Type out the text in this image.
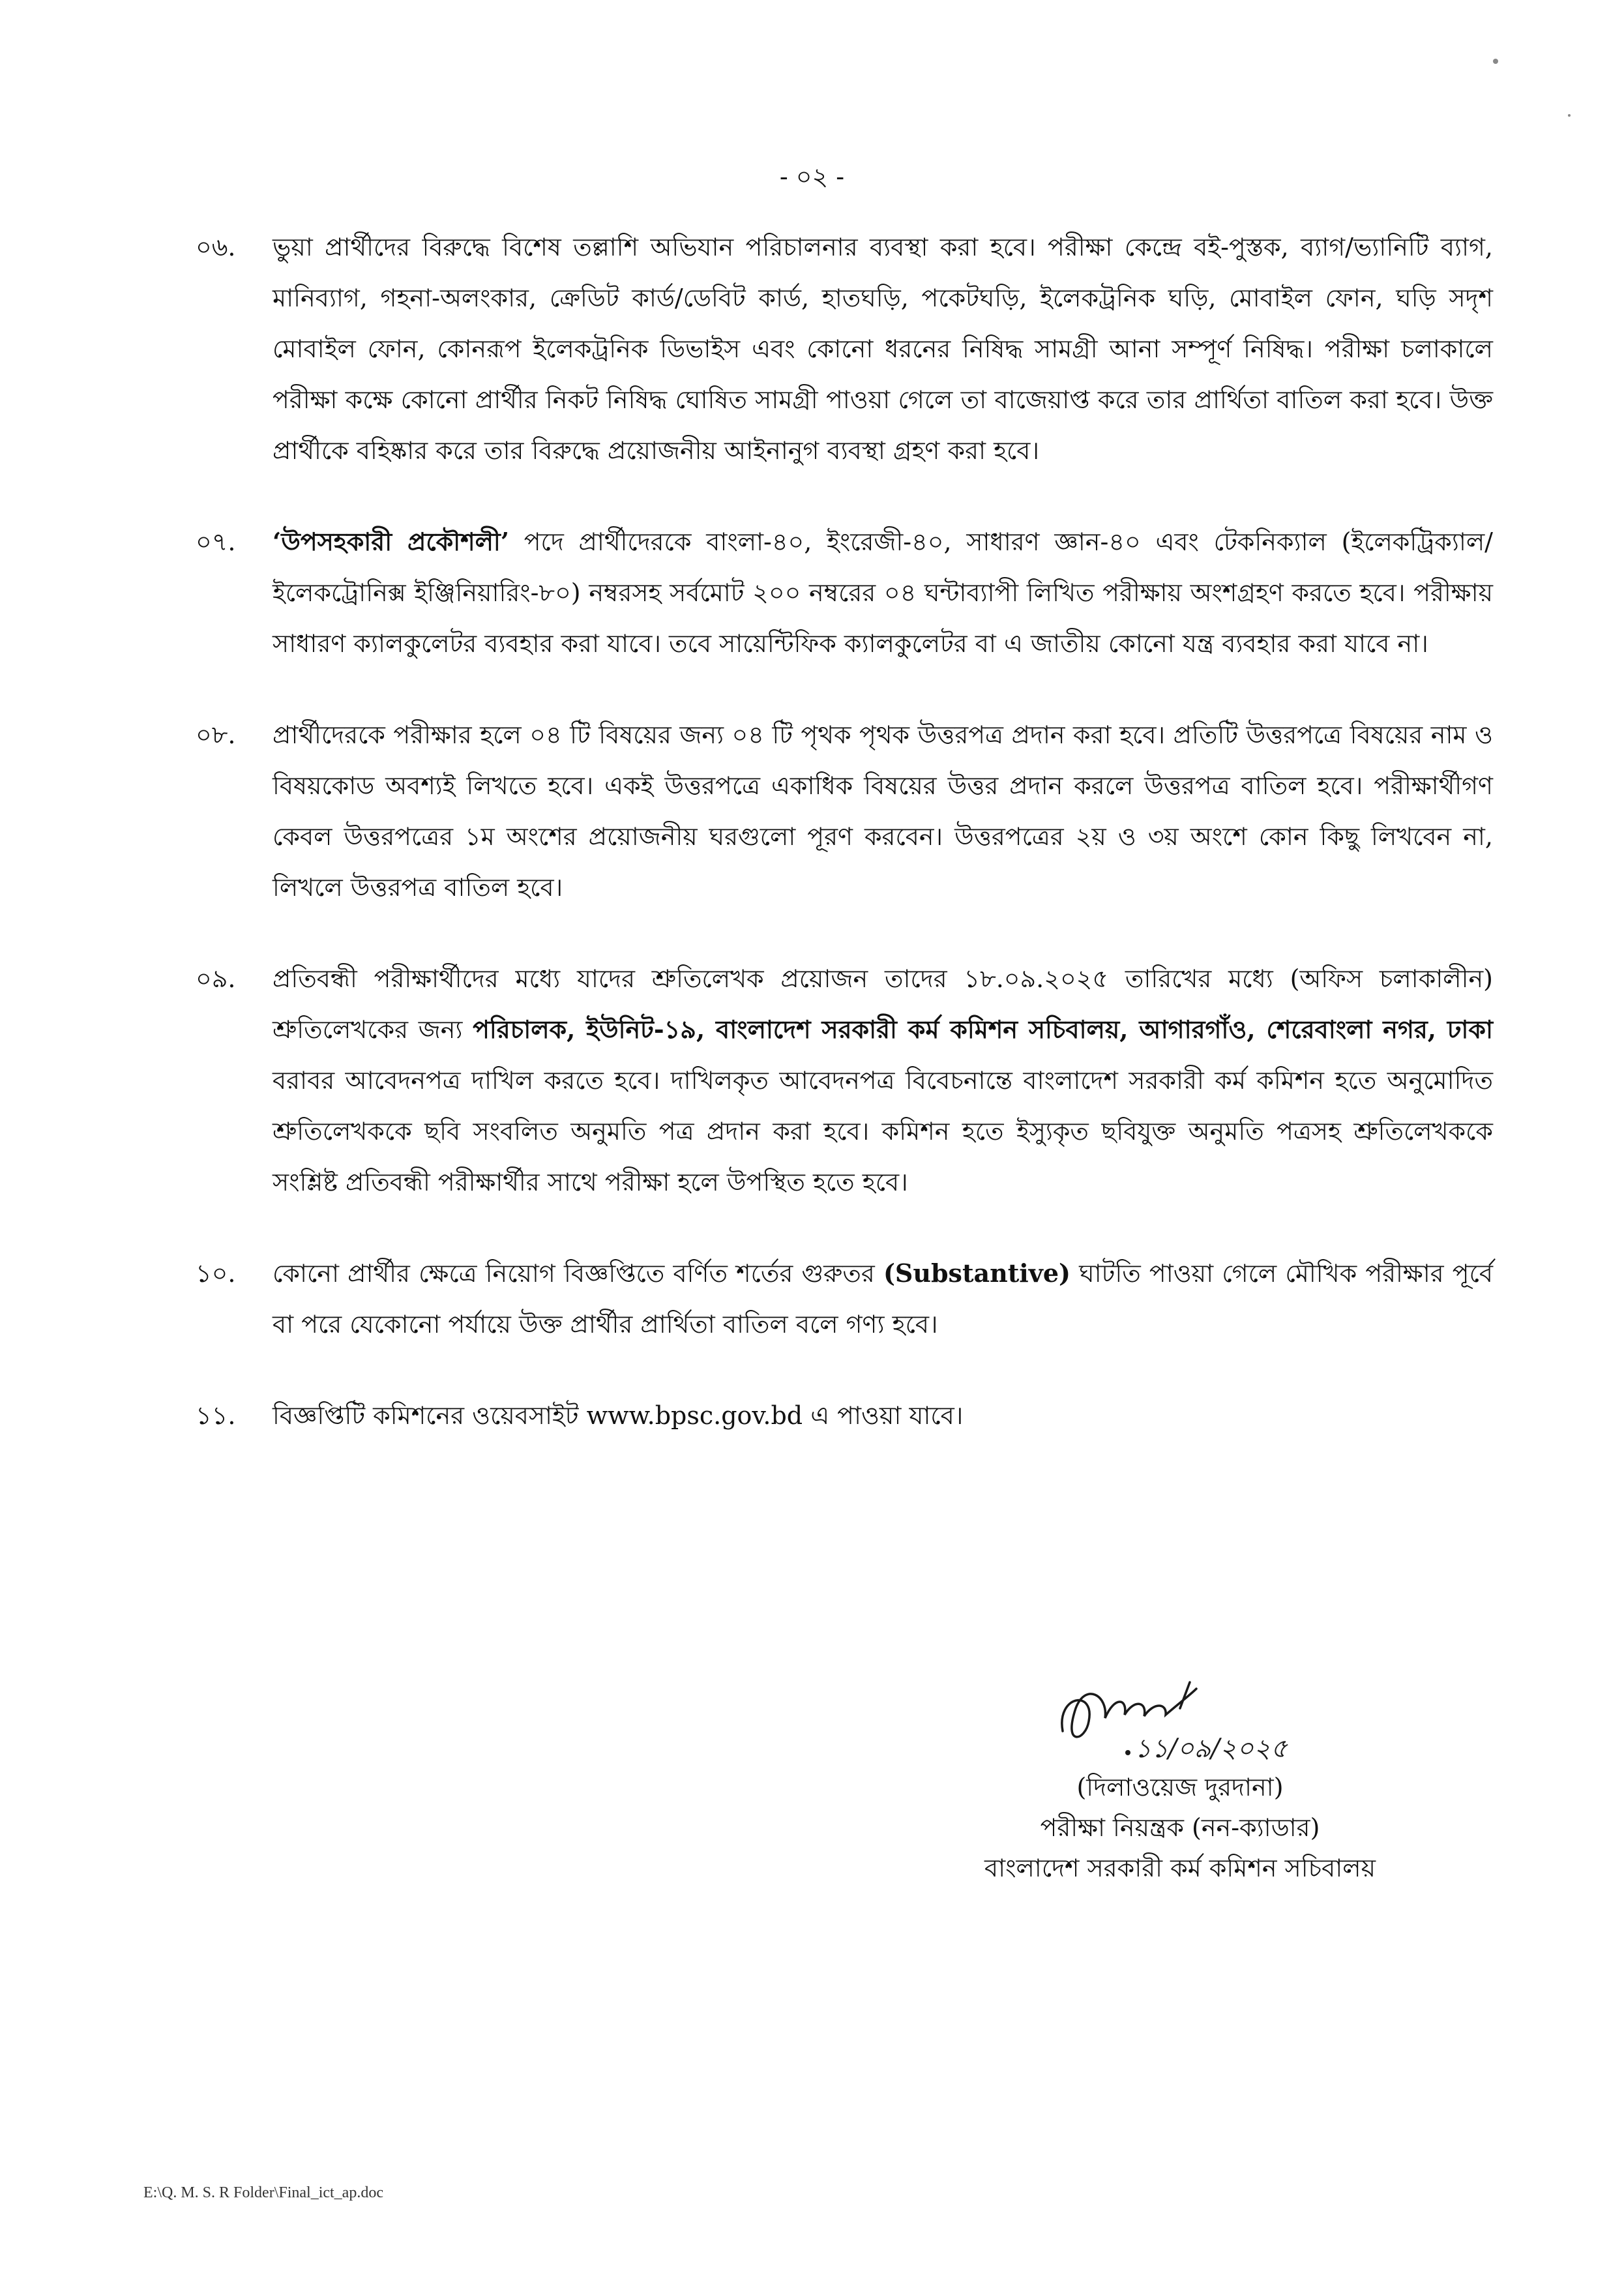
- ০২ -
০৬.	ভুয়া প্রার্থীদের বিরুদ্ধে বিশেষ তল্লাশি অভিযান পরিচালনার ব্যবস্থা করা হবে। পরীক্ষা কেন্দ্রে বই-পুস্তক, ব্যাগ/ভ্যানিটি ব্যাগ, মানিব্যাগ, গহনা-অলংকার, ক্রেডিট কার্ড/ডেবিট কার্ড, হাতঘড়ি, পকেটঘড়ি, ইলেকট্রনিক ঘড়ি, মোবাইল ফোন, ঘড়ি সদৃশ মোবাইল ফোন, কোনরূপ ইলেকট্রনিক ডিভাইস এবং কোনো ধরনের নিষিদ্ধ সামগ্রী আনা সম্পূর্ণ নিষিদ্ধ। পরীক্ষা চলাকালে পরীক্ষা কক্ষে কোনো প্রার্থীর নিকট নিষিদ্ধ ঘোষিত সামগ্রী পাওয়া গেলে তা বাজেয়াপ্ত করে তার প্রার্থিতা বাতিল করা হবে। উক্ত প্রার্থীকে বহিষ্কার করে তার বিরুদ্ধে প্রয়োজনীয় আইনানুগ ব্যবস্থা গ্রহণ করা হবে।
০৭.	‘উপসহকারী প্রকৌশলী’ পদে প্রার্থীদেরকে বাংলা-৪০, ইংরেজী-৪০, সাধারণ জ্ঞান-৪০ এবং টেকনিক্যাল (ইলেকট্রিক্যাল/ ইলেকট্রোনিক্স ইঞ্জিনিয়ারিং-৮০) নম্বরসহ সর্বমোট ২০০ নম্বরের ০৪ ঘন্টাব্যাপী লিখিত পরীক্ষায় অংশগ্রহণ করতে হবে। পরীক্ষায় সাধারণ ক্যালকুলেটর ব্যবহার করা যাবে। তবে সায়েন্টিফিক ক্যালকুলেটর বা এ জাতীয় কোনো যন্ত্র ব্যবহার করা যাবে না।
০৮.	প্রার্থীদেরকে পরীক্ষার হলে ০৪ টি বিষয়ের জন্য ০৪ টি পৃথক পৃথক উত্তরপত্র প্রদান করা হবে। প্রতিটি উত্তরপত্রে বিষয়ের নাম ও বিষয়কোড অবশ্যই লিখতে হবে। একই উত্তরপত্রে একাধিক বিষয়ের উত্তর প্রদান করলে উত্তরপত্র বাতিল হবে। পরীক্ষার্থীগণ কেবল উত্তরপত্রের ১ম অংশের প্রয়োজনীয় ঘরগুলো পূরণ করবেন। উত্তরপত্রের ২য় ও ৩য় অংশে কোন কিছু লিখবেন না, লিখলে উত্তরপত্র বাতিল হবে।
০৯.	প্রতিবন্ধী পরীক্ষার্থীদের মধ্যে যাদের শ্রুতিলেখক প্রয়োজন তাদের ১৮.০৯.২০২৫ তারিখের মধ্যে (অফিস চলাকালীন) শ্রুতিলেখকের জন্য পরিচালক, ইউনিট-১৯, বাংলাদেশ সরকারী কর্ম কমিশন সচিবালয়, আগারগাঁও, শেরেবাংলা নগর, ঢাকা বরাবর আবেদনপত্র দাখিল করতে হবে। দাখিলকৃত আবেদনপত্র বিবেচনান্তে বাংলাদেশ সরকারী কর্ম কমিশন হতে অনুমোদিত শ্রুতিলেখককে ছবি সংবলিত অনুমতি পত্র প্রদান করা হবে। কমিশন হতে ইস্যুকৃত ছবিযুক্ত অনুমতি পত্রসহ শ্রুতিলেখককে সংশ্লিষ্ট প্রতিবন্ধী পরীক্ষার্থীর সাথে পরীক্ষা হলে উপস্থিত হতে হবে।
১০.	কোনো প্রার্থীর ক্ষেত্রে নিয়োগ বিজ্ঞপ্তিতে বর্ণিত শর্তের গুরুতর (Substantive) ঘাটতি পাওয়া গেলে মৌখিক পরীক্ষার পূর্বে বা পরে যেকোনো পর্যায়ে উক্ত প্রার্থীর প্রার্থিতা বাতিল বলে গণ্য হবে।
১১.	বিজ্ঞপ্তিটি কমিশনের ওয়েবসাইট www.bpsc.gov.bd এ পাওয়া যাবে।
১১/০৯/২০২৫
(দিলাওয়েজ দুরদানা)
পরীক্ষা নিয়ন্ত্রক (নন-ক্যাডার)
বাংলাদেশ সরকারী কর্ম কমিশন সচিবালয়
E:\Q. M. S. R Folder\Final_ict_ap.doc
